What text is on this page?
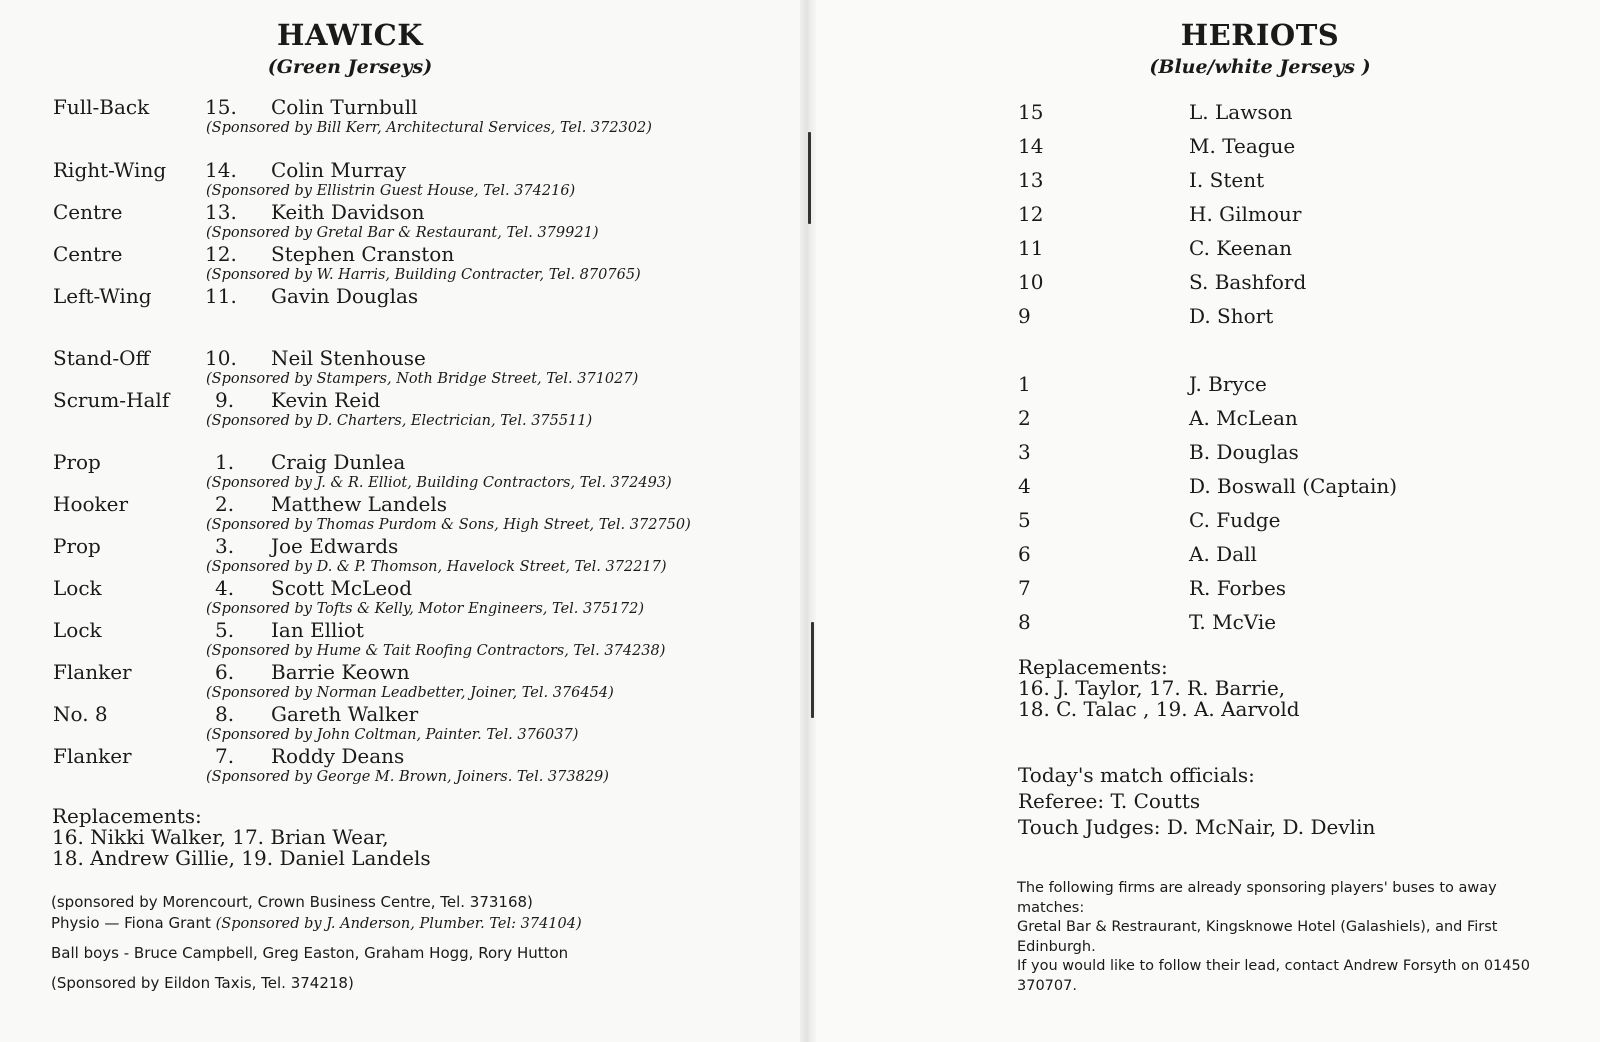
HAWICK
(Green Jerseys)
Full-Back	15. Colin Turnbull
(Sponsored by Bill Kerr, Architectural Services, Tel. 372302)
Right-Wing 14. Colin Murray
(Sponsored by Ellistrin Guest House, Tel. 374216)
Centre	13. Keith Davidson
(Sponsored by Gretal Bar & Restaurant, Tel. 379921)
Centre	12. Stephen Cranston
(Sponsored by W. Harris, Building Contracter, Tel. 870765)
Left-Wing	11. Gavin Douglas
Stand-Off	10. Neil Stenhouse
(Sponsored by Stampers, Noth Bridge Street, Tel. 371027)
Scrum-Half 9. Kevin Reid
(Sponsored by D. Charters, Electrician, Tel. 375511)
Prop	1. Craig Dunlea
(Sponsored by J. & R. Elliot, Building Contractors, Tel. 372493)
Hooker	2. Matthew Landels
(Sponsored by Thomas Purdom & Sons, High Street, Tel. 372750)
Prop	3. Joe Edwards
(Sponsored by D. & P. Thomson, Havelock Street, Tel. 372217)
Lock	4. Scott McLeod
(Sponsored by Tofts & Kelly, Motor Engineers, Tel. 375172)
Lock	5. Ian Elliot
(Sponsored by Hume & Tait Roofing Contractors, Tel. 374238)
Flanker	6. Barrie Keown
(Sponsored by Norman Leadbetter, Joiner, Tel. 376454)
No. 8	8. Gareth Walker
(Sponsored by John Coltman, Painter. Tel. 376037)
Flanker	7. Roddy Deans
(Sponsored by George M. Brown, Joiners. Tel. 373829)
Replacements:
16. Nikki Walker, 17. Brian Wear,
18. Andrew Gillie, 19. Daniel Landels
(sponsored by Morencourt, Crown Business Centre, Tel. 373168)
Physio — Fiona Grant (Sponsored by J. Anderson, Plumber. Tel: 374104)
Ball boys - Bruce Campbell, Greg Easton, Graham Hogg, Rory Hutton
(Sponsored by Eildon Taxis, Tel. 374218)
HERIOTS
(Blue/white Jerseys )
15	L. Lawson
14	M. Teague
13	I. Stent
12	H. Gilmour
11	C. Keenan
10	S. Bashford
9	D. Short
1	J. Bryce
2	A. McLean
3	B. Douglas
4	D. Boswall (Captain)
5	C. Fudge
6	A. Dall
7	R. Forbes
8	T. McVie
Replacements:
16. J. Taylor, 17. R. Barrie,
18. C. Talac , 19. A. Aarvold
Today's match officials:
Referee: T. Coutts
Touch Judges: D. McNair, D. Devlin
The following firms are already sponsoring players' buses to away matches:
Gretal Bar & Restraurant, Kingsknowe Hotel (Galashiels), and First Edinburgh.
If you would like to follow their lead, contact Andrew Forsyth on 01450 370707.
